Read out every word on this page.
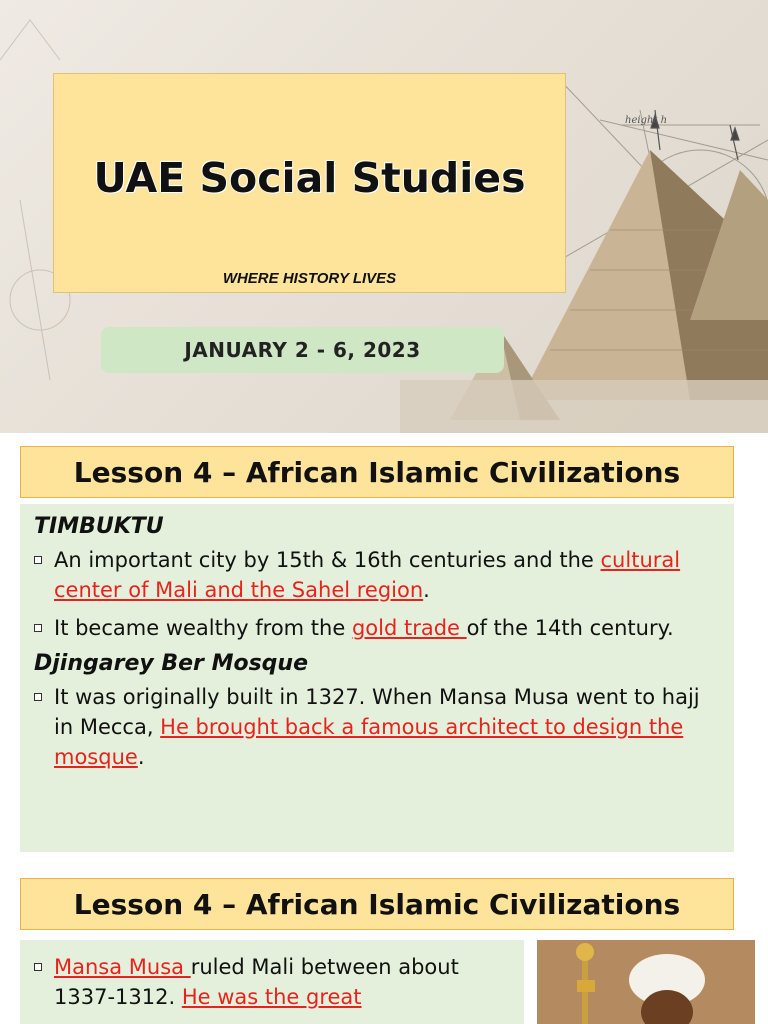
height h
UAE Social Studies
WHERE HISTORY LIVES
JANUARY 2 - 6, 2023
Lesson 4 – African Islamic Civilizations
TIMBUKTU
An important city by 15th & 16th centuries and the cultural center of Mali and the Sahel region.
It became wealthy from the gold trade of the 14th century.
Djingarey Ber Mosque
It was originally built in 1327. When Mansa Musa went to hajj in Mecca, He brought back a famous architect to design the mosque.
Lesson 4 – African Islamic Civilizations
Mansa Musa ruled Mali between about 1337-1312. He was the great
